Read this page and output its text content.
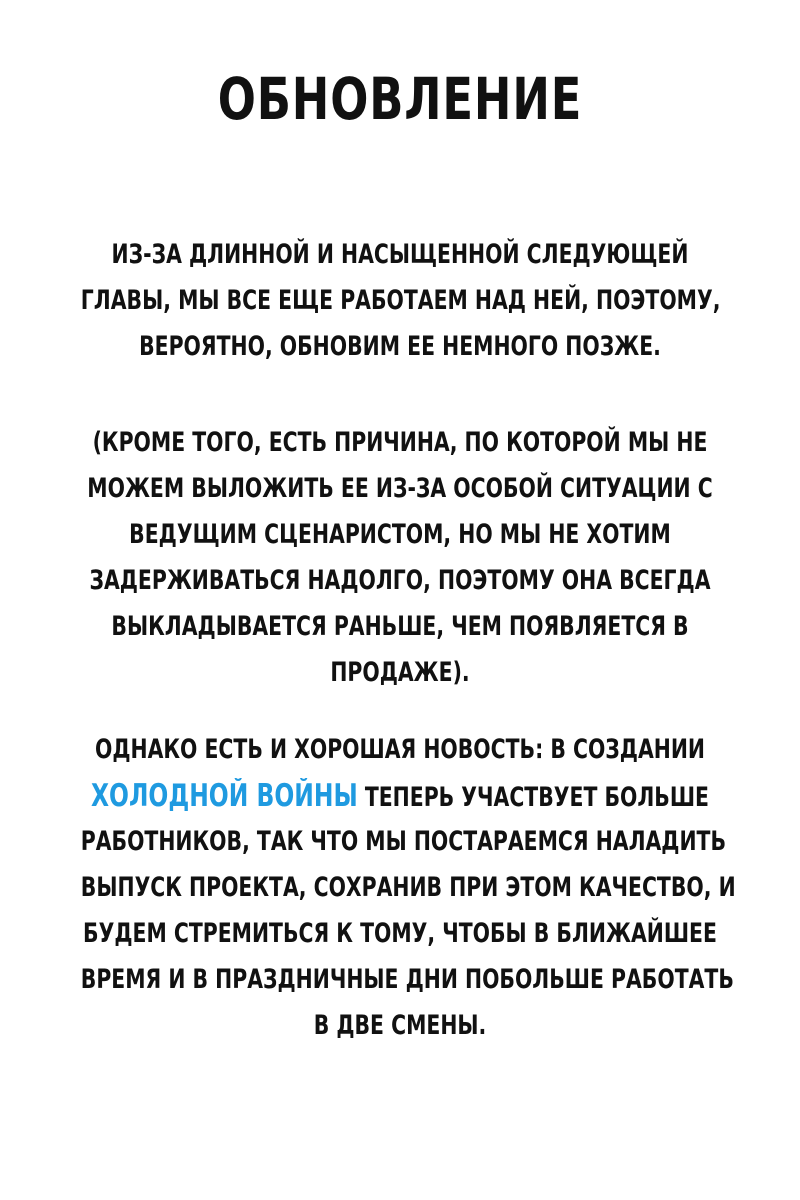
ОБНОВЛЕНИЕ
ИЗ-ЗА ДЛИННОЙ И НАСЫЩЕННОЙ СЛЕДУЮЩЕЙ
ГЛАВЫ, МЫ ВСЕ ЕЩЕ РАБОТАЕМ НАД НЕЙ, ПОЭТОМУ,
ВЕРОЯТНО, ОБНОВИМ ЕЕ НЕМНОГО ПОЗЖЕ.
(КРОМЕ ТОГО, ЕСТЬ ПРИЧИНА, ПО КОТОРОЙ МЫ НЕ
МОЖЕМ ВЫЛОЖИТЬ ЕЕ ИЗ-ЗА ОСОБОЙ СИТУАЦИИ С
ВЕДУЩИМ СЦЕНАРИСТОМ, НО МЫ НЕ ХОТИМ
ЗАДЕРЖИВАТЬСЯ НАДОЛГО, ПОЭТОМУ ОНА ВСЕГДА
ВЫКЛАДЫВАЕТСЯ РАНЬШЕ, ЧЕМ ПОЯВЛЯЕТСЯ В
ПРОДАЖЕ).
ОДНАКО ЕСТЬ И ХОРОШАЯ НОВОСТЬ: В СОЗДАНИИ
ХОЛОДНОЙ ВОЙНЫ ТЕПЕРЬ УЧАСТВУЕТ БОЛЬШЕ
РАБОТНИКОВ, ТАК ЧТО МЫ ПОСТАРАЕМСЯ НАЛАДИТЬ
ВЫПУСК ПРОЕКТА, СОХРАНИВ ПРИ ЭТОМ КАЧЕСТВО, И
БУДЕМ СТРЕМИТЬСЯ К ТОМУ, ЧТОБЫ В БЛИЖАЙШЕЕ
ВРЕМЯ И В ПРАЗДНИЧНЫЕ ДНИ ПОБОЛЬШЕ РАБОТАТЬ
В ДВЕ СМЕНЫ.
